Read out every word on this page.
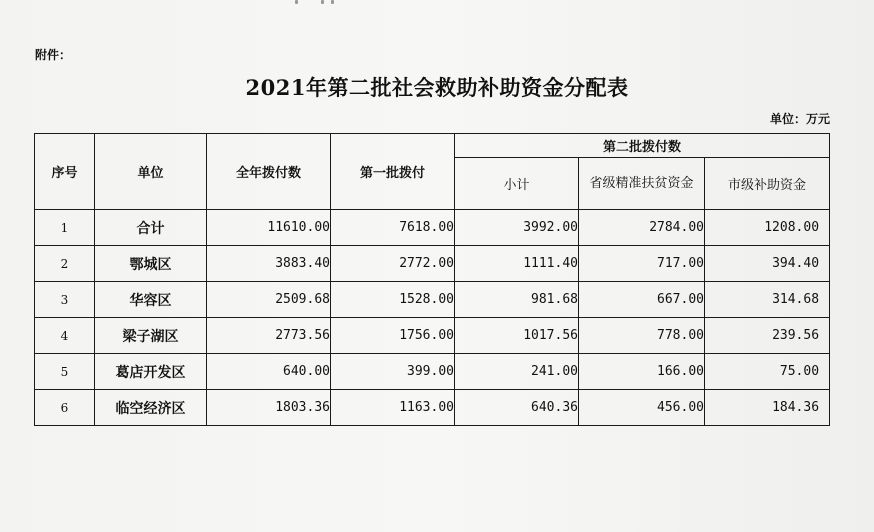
附件：
2021年第二批社会救助补助资金分配表
单位：万元
序号	单位	全年拨付数	第一批拨付	第二批拨付数		
				小计	省级精准扶贫资金	市级补助资金
1	合计	11610.00	7618.00	3992.00	2784.00	1208.00
2	鄂城区	3883.40	2772.00	1111.40	717.00	394.40
3	华容区	2509.68	1528.00	981.68	667.00	314.68
4	梁子湖区	2773.56	1756.00	1017.56	778.00	239.56
5	葛店开发区	640.00	399.00	241.00	166.00	75.00
6	临空经济区	1803.36	1163.00	640.36	456.00	184.36
